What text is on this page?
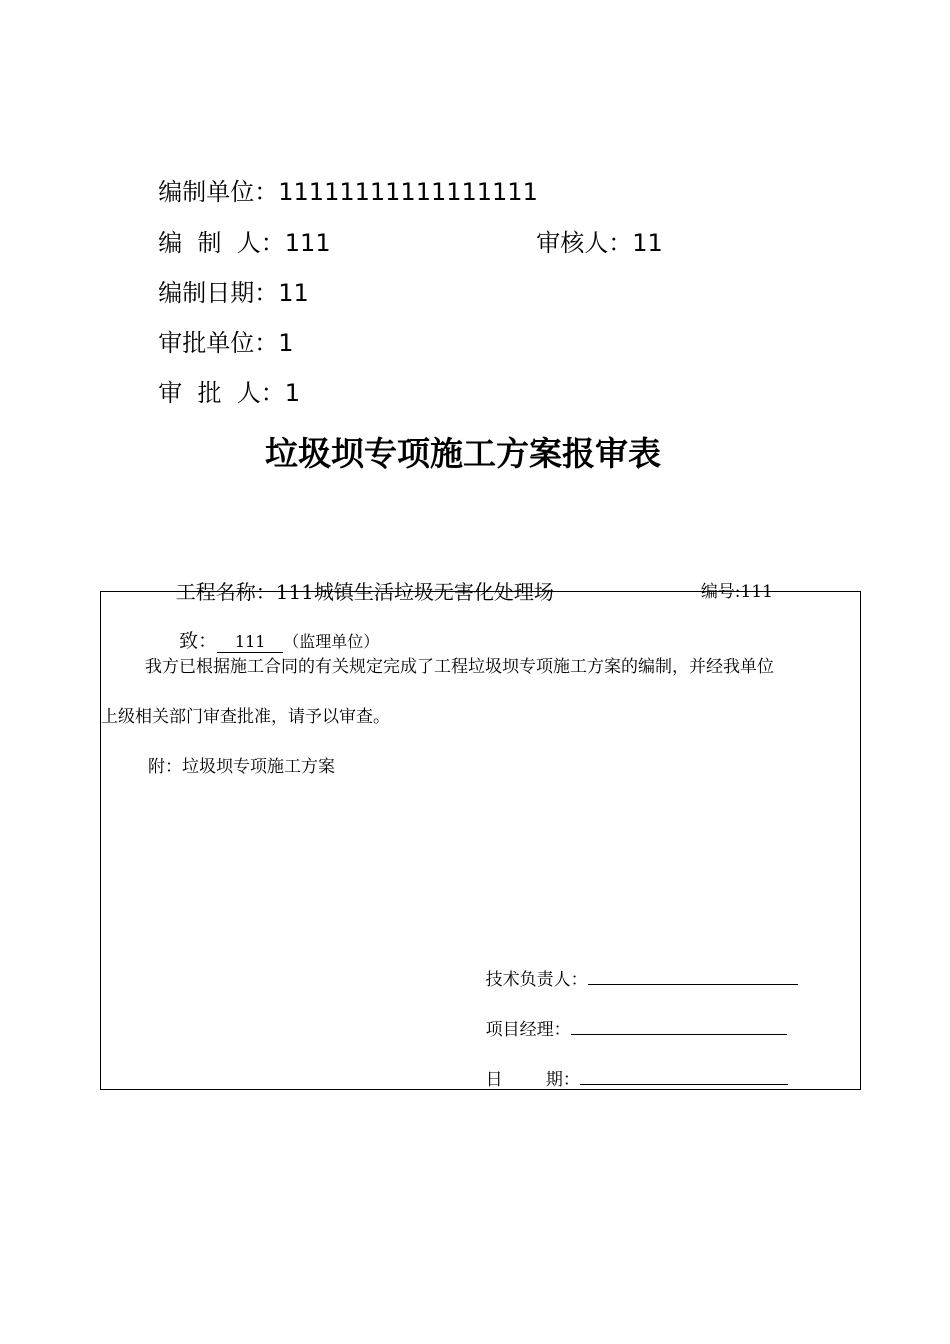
编制单位：11111111111111111

编  制  人：111	审核人：11

编制日期：11

审批单位：1

审  批  人：1

垃圾坝专项施工方案报审表

工程名称：111城镇生活垃圾无害化处理场	编号:111

致： 111 （监理单位）

我方已根据施工合同的有关规定完成了工程垃圾坝专项施工方案的编制，并经我单位
上级相关部门审查批准，请予以审查。
附：垃圾坝专项施工方案

技术负责人：

项目经理：

日        期：
